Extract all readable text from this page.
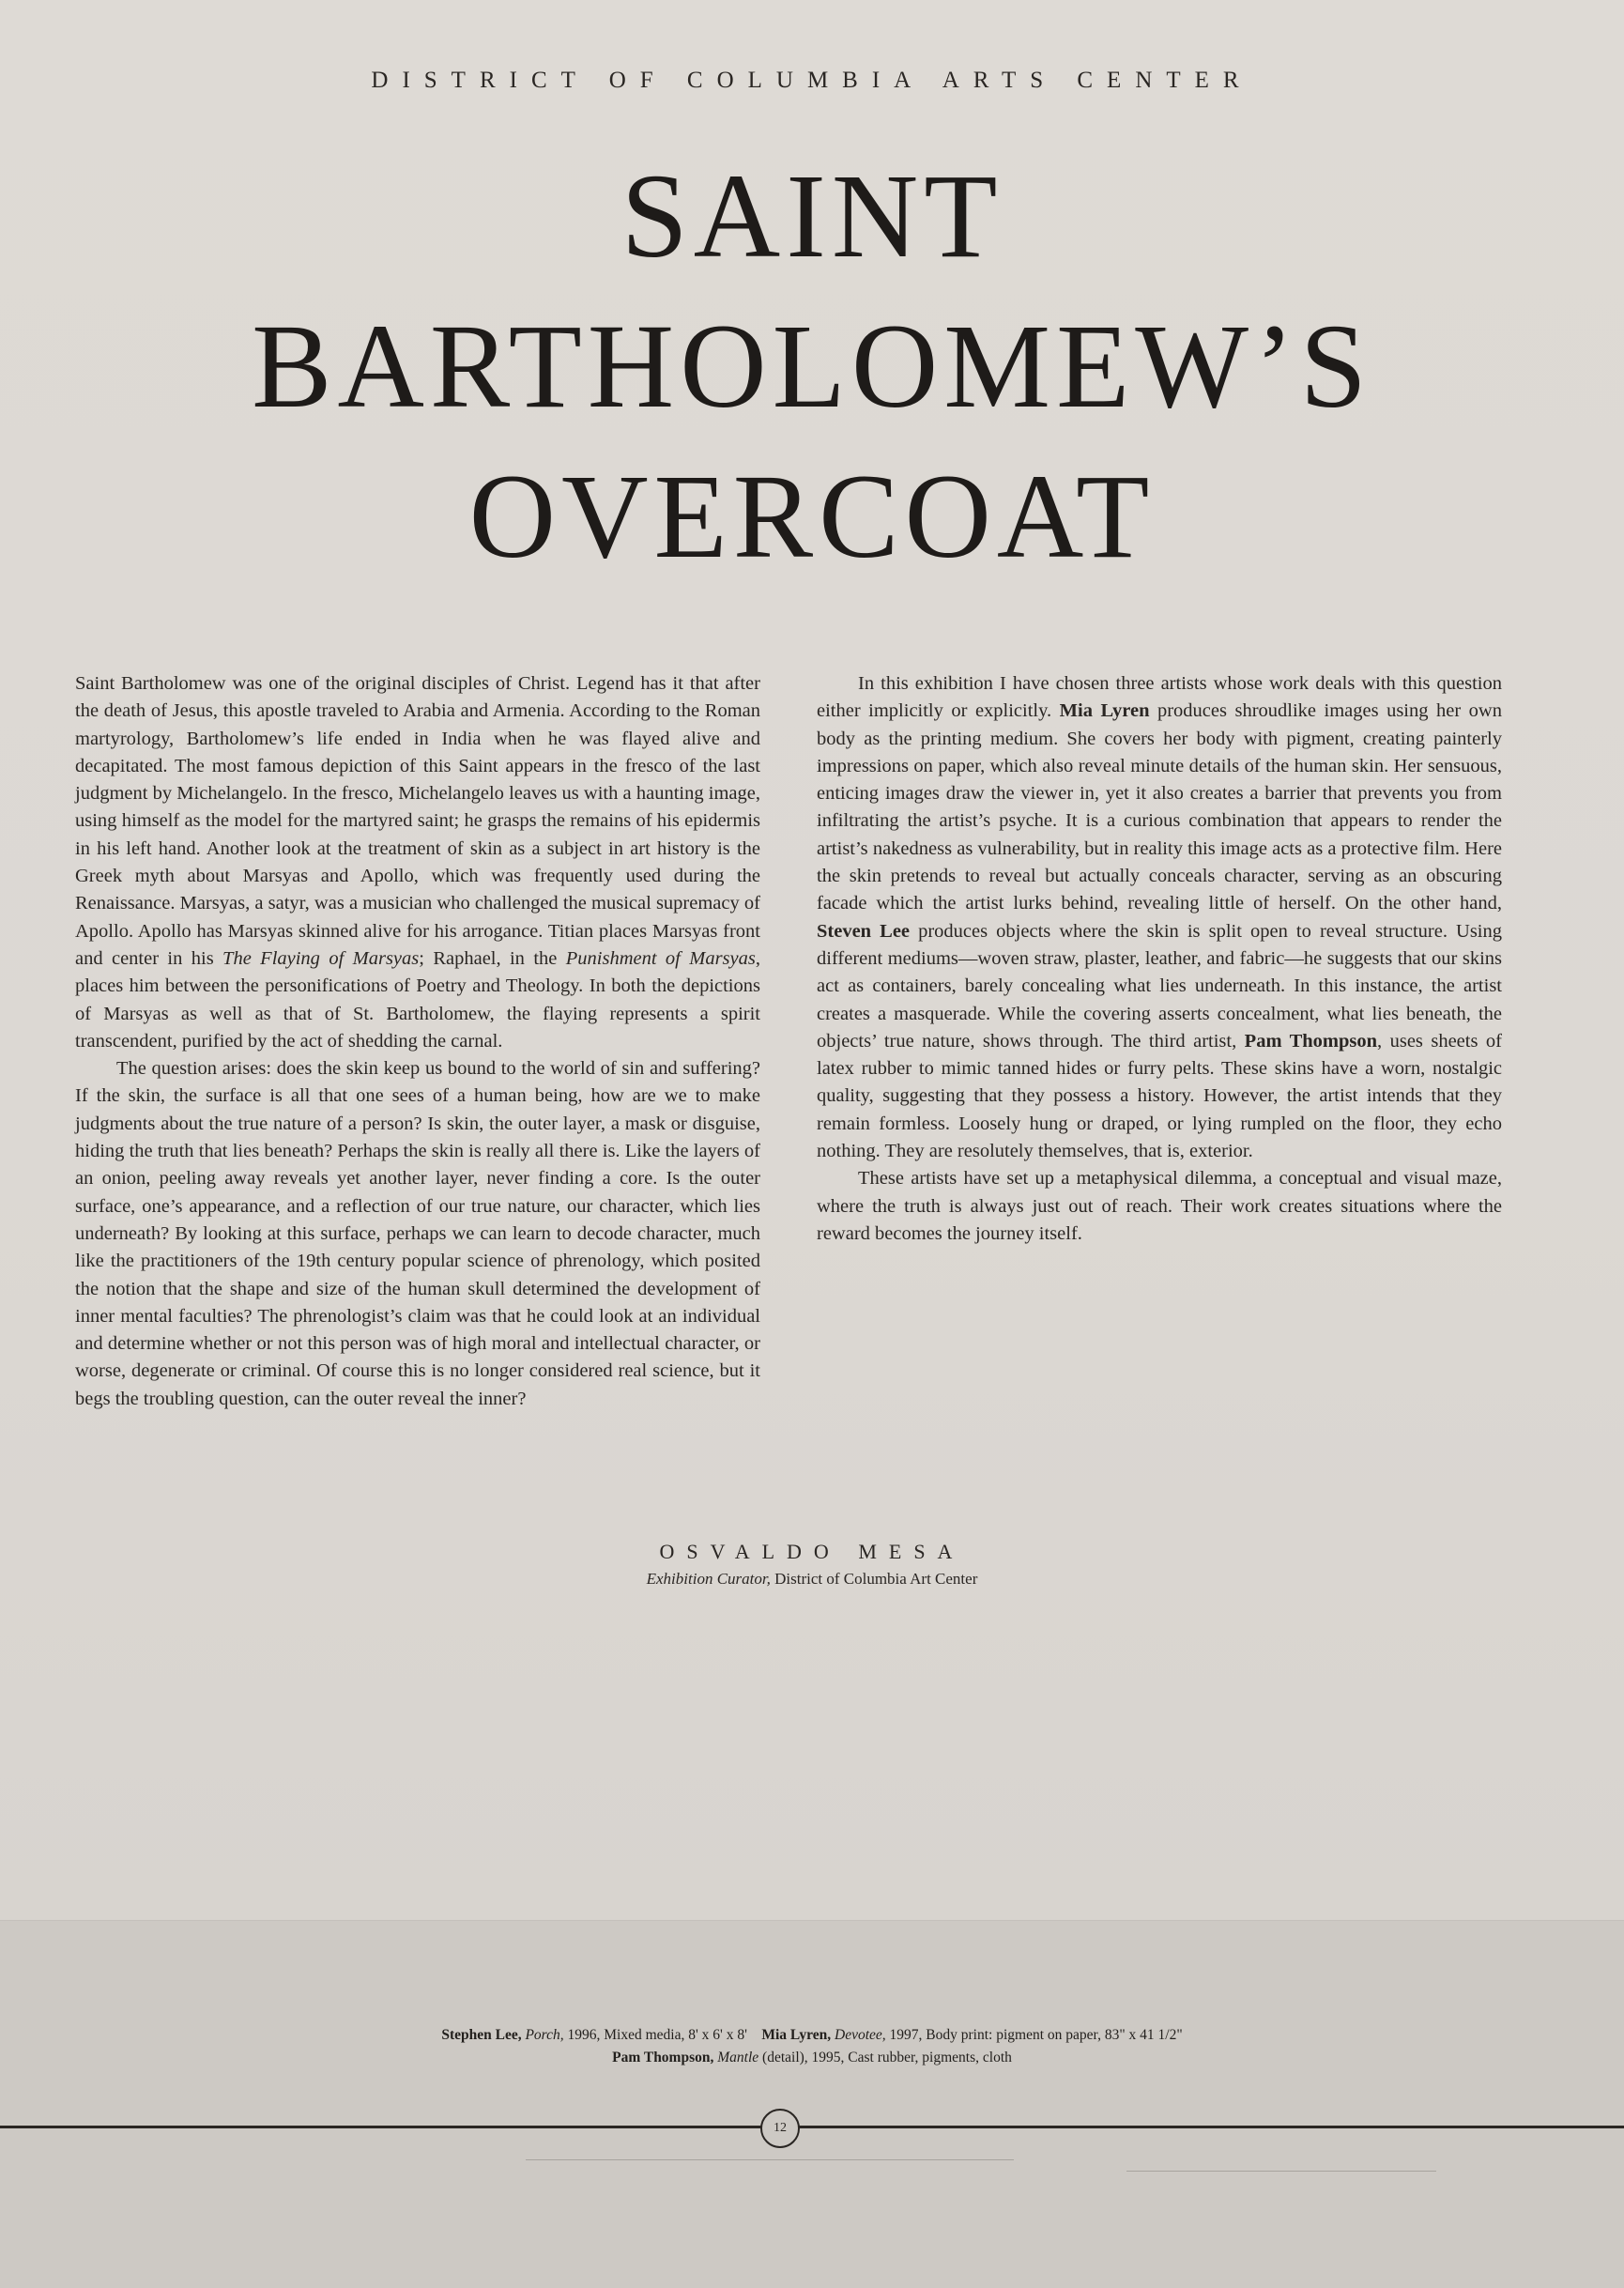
DISTRICT OF COLUMBIA ARTS CENTER
SAINT
BARTHOLOMEW’S
OVERCOAT

Saint Bartholomew was one of the original disciples of Christ. Legend has it that after the death of Jesus, this apostle traveled to Arabia and Armenia. According to the Roman martyrology, Bartholomew’s life ended in India when he was flayed alive and decapitated. The most famous depiction of this Saint appears in the fresco of the last judgment by Michelangelo. In the fresco, Michelangelo leaves us with a haunting image, using himself as the model for the martyred saint; he grasps the remains of his epidermis in his left hand. Another look at the treatment of skin as a subject in art history is the Greek myth about Marsyas and Apollo, which was frequently used during the Renaissance. Marsyas, a satyr, was a musician who challenged the musical supremacy of Apollo. Apollo has Marsyas skinned alive for his arrogance. Titian places Marsyas front and center in his The Flaying of Marsyas; Raphael, in the Punishment of Marsyas, places him between the personifications of Poetry and Theology. In both the depictions of Marsyas as well as that of St. Bartholomew, the flaying represents a spirit transcendent, purified by the act of shedding the carnal.

The question arises: does the skin keep us bound to the world of sin and suffering? If the skin, the surface is all that one sees of a human being, how are we to make judgments about the true nature of a person? Is skin, the outer layer, a mask or disguise, hiding the truth that lies beneath? Perhaps the skin is really all there is. Like the layers of an onion, peeling away reveals yet another layer, never finding a core. Is the outer surface, one’s appearance, and a reflection of our true nature, our character, which lies underneath? By looking at this surface, perhaps we can learn to decode character, much like the practitioners of the 19th century popular science of phrenology, which posited the notion that the shape and size of the human skull determined the development of inner mental faculties? The phrenologist’s claim was that he could look at an individual and determine whether or not this person was of high moral and intellectual character, or worse, degenerate or criminal. Of course this is no longer considered real science, but it begs the troubling question, can the outer reveal the inner?

In this exhibition I have chosen three artists whose work deals with this question either implicitly or explicitly. Mia Lyren produces shroudlike images using her own body as the printing medium. She covers her body with pigment, creating painterly impressions on paper, which also reveal minute details of the human skin. Her sensuous, enticing images draw the viewer in, yet it also creates a barrier that prevents you from infiltrating the artist’s psyche. It is a curious combination that appears to render the artist’s nakedness as vulnerability, but in reality this image acts as a protective film. Here the skin pretends to reveal but actually conceals character, serving as an obscuring facade which the artist lurks behind, revealing little of herself. On the other hand, Steven Lee produces objects where the skin is split open to reveal structure. Using different mediums—woven straw, plaster, leather, and fabric—he suggests that our skins act as containers, barely concealing what lies underneath. In this instance, the artist creates a masquerade. While the covering asserts concealment, what lies beneath, the objects’ true nature, shows through. The third artist, Pam Thompson, uses sheets of latex rubber to mimic tanned hides or furry pelts. These skins have a worn, nostalgic quality, suggesting that they possess a history. However, the artist intends that they remain formless. Loosely hung or draped, or lying rumpled on the floor, they echo nothing. They are resolutely themselves, that is, exterior.

These artists have set up a metaphysical dilemma, a conceptual and visual maze, where the truth is always just out of reach. Their work creates situations where the reward becomes the journey itself.

OSVALDO MESA
Exhibition Curator, District of Columbia Art Center
Stephen Lee, Porch, 1996, Mixed media, 8' x 6' x 8' Mia Lyren, Devotee, 1997, Body print: pigment on paper, 83" x 41 1/2"
Pam Thompson, Mantle (detail), 1995, Cast rubber, pigments, cloth
12
